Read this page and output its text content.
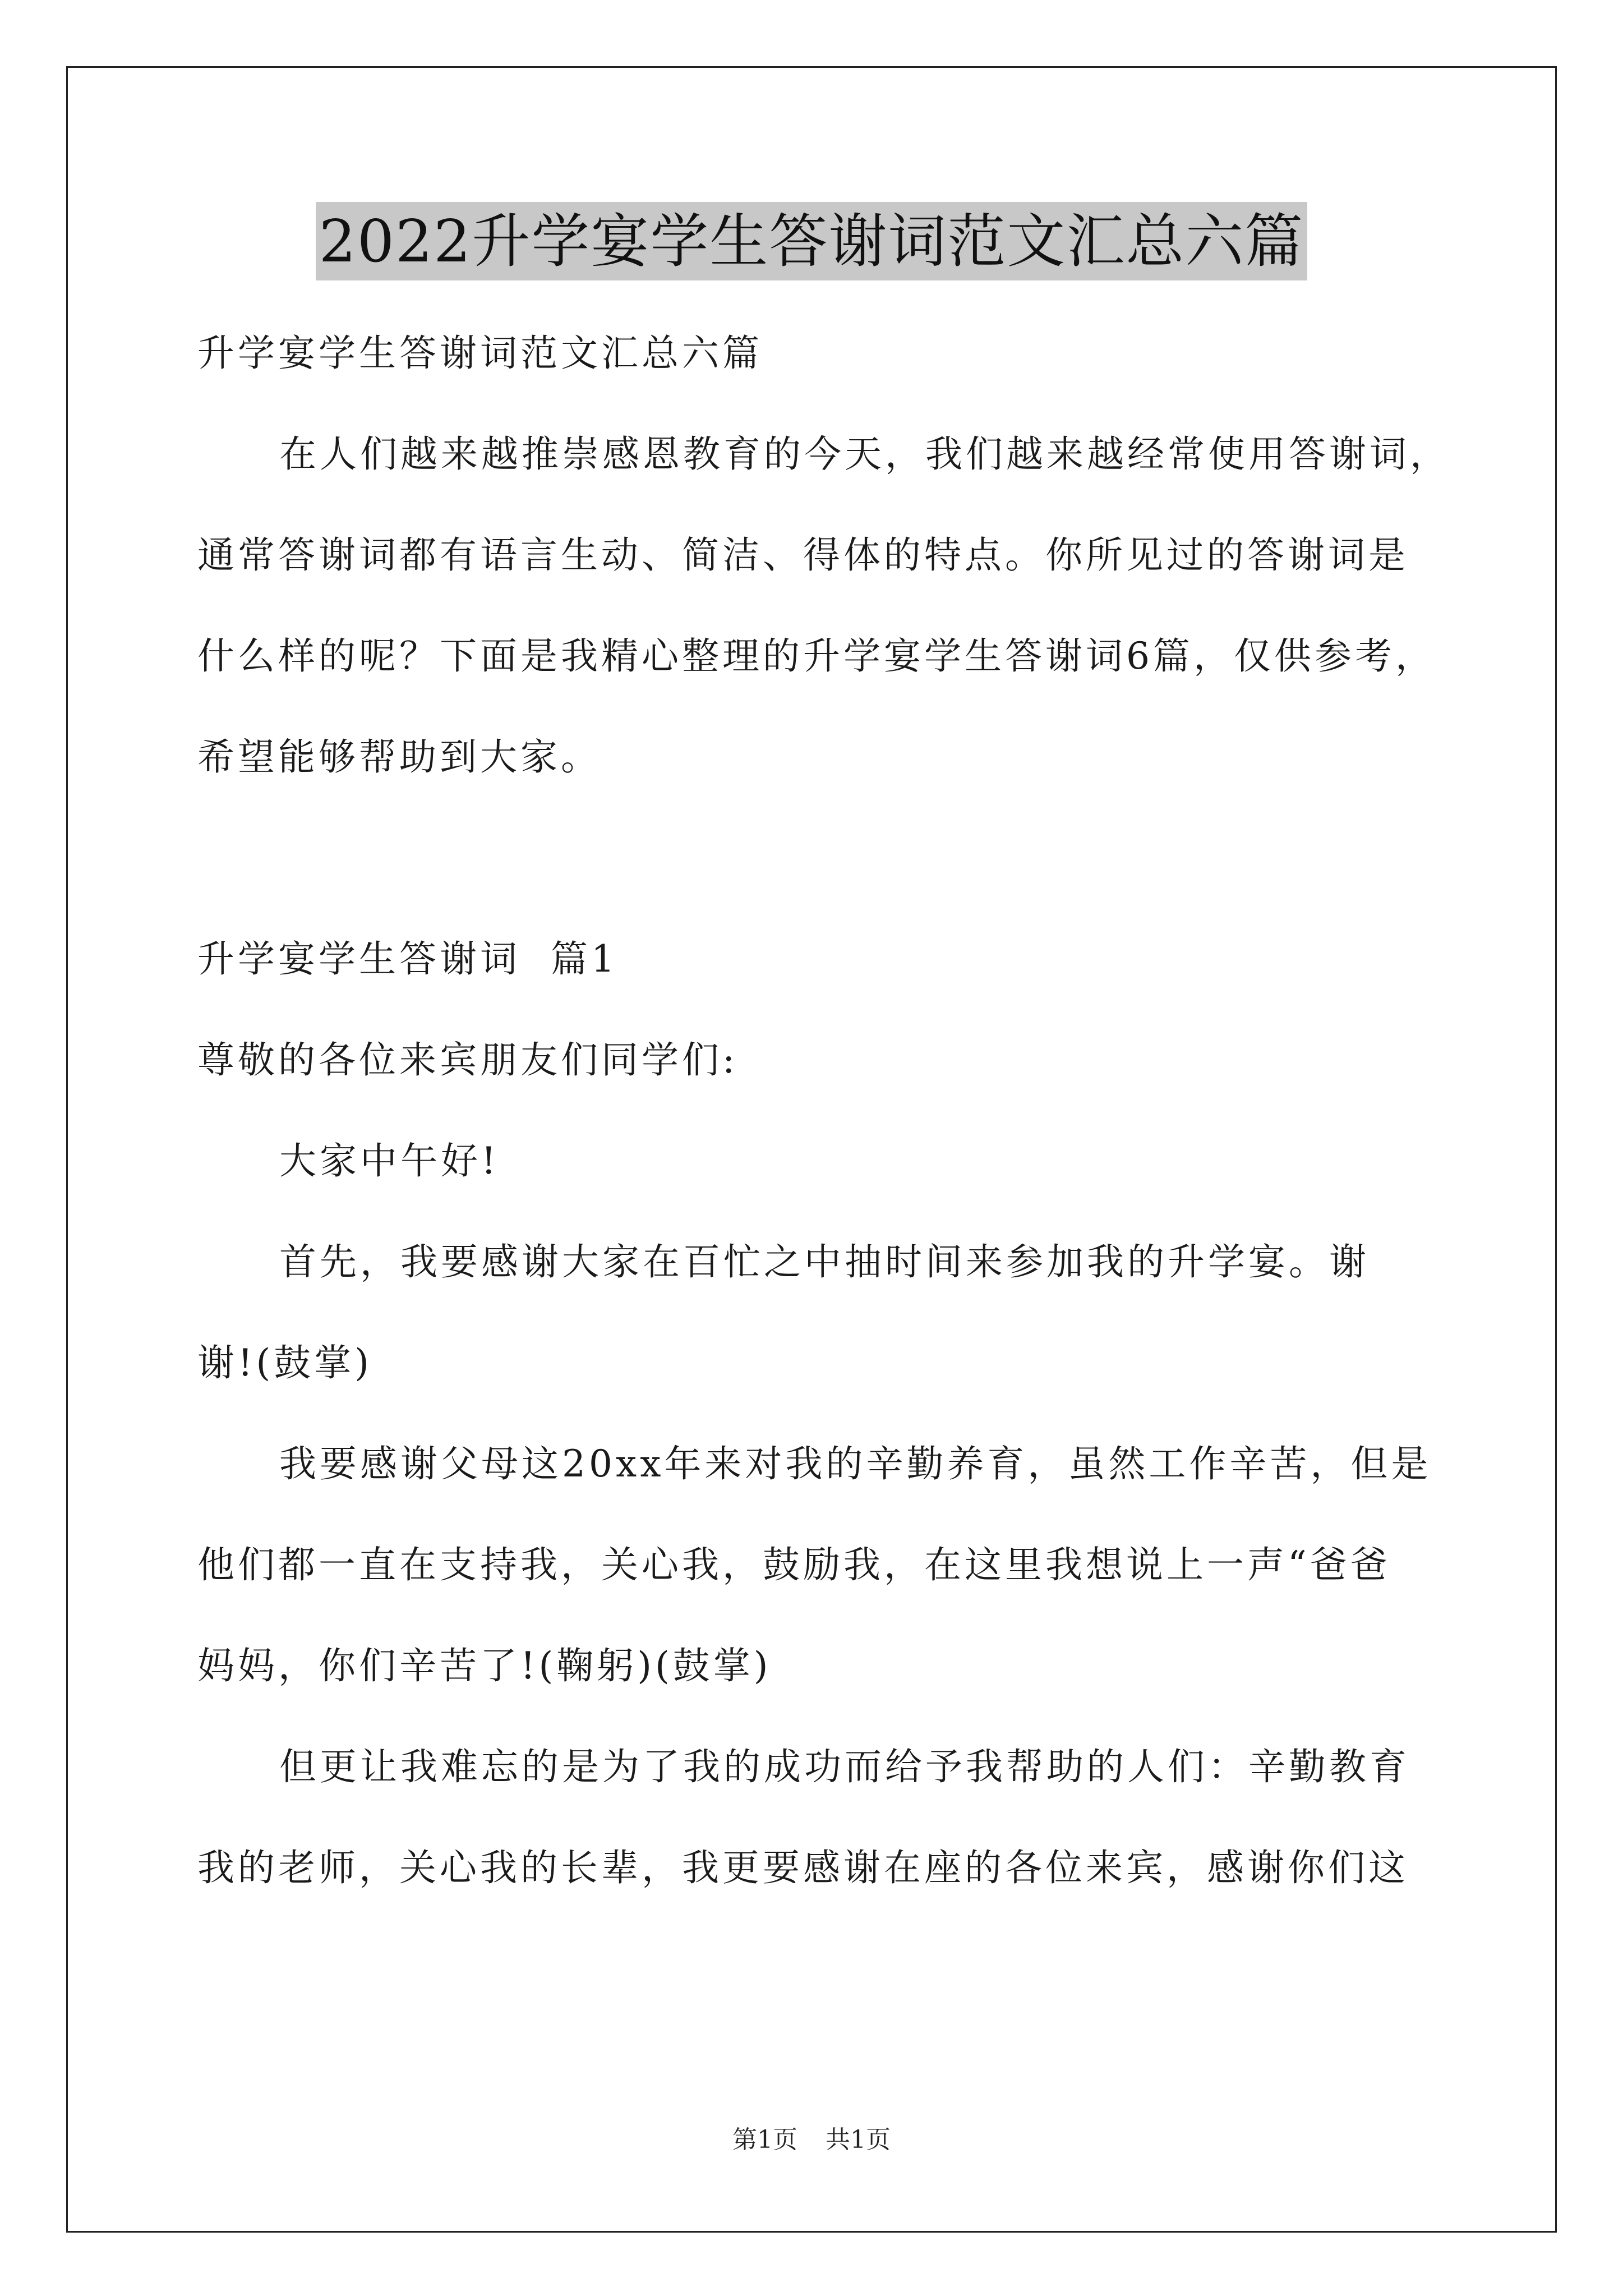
2022升学宴学生答谢词范文汇总六篇
升学宴学生答谢词范文汇总六篇
在人们越来越推崇感恩教育的今天，我们越来越经常使用答谢词，
通常答谢词都有语言生动、简洁、得体的特点。你所见过的答谢词是
什么样的呢？下面是我精心整理的升学宴学生答谢词6篇，仅供参考，
希望能够帮助到大家。
升学宴学生答谢词  篇1
尊敬的各位来宾朋友们同学们:
大家中午好!
首先，我要感谢大家在百忙之中抽时间来参加我的升学宴。谢
谢!(鼓掌)
我要感谢父母这20xx年来对我的辛勤养育，虽然工作辛苦，但是
他们都一直在支持我，关心我，鼓励我，在这里我想说上一声“爸爸
妈妈，你们辛苦了!(鞠躬)(鼓掌)
但更让我难忘的是为了我的成功而给予我帮助的人们：辛勤教育
我的老师，关心我的长辈，我更要感谢在座的各位来宾，感谢你们这
第1页 共1页
